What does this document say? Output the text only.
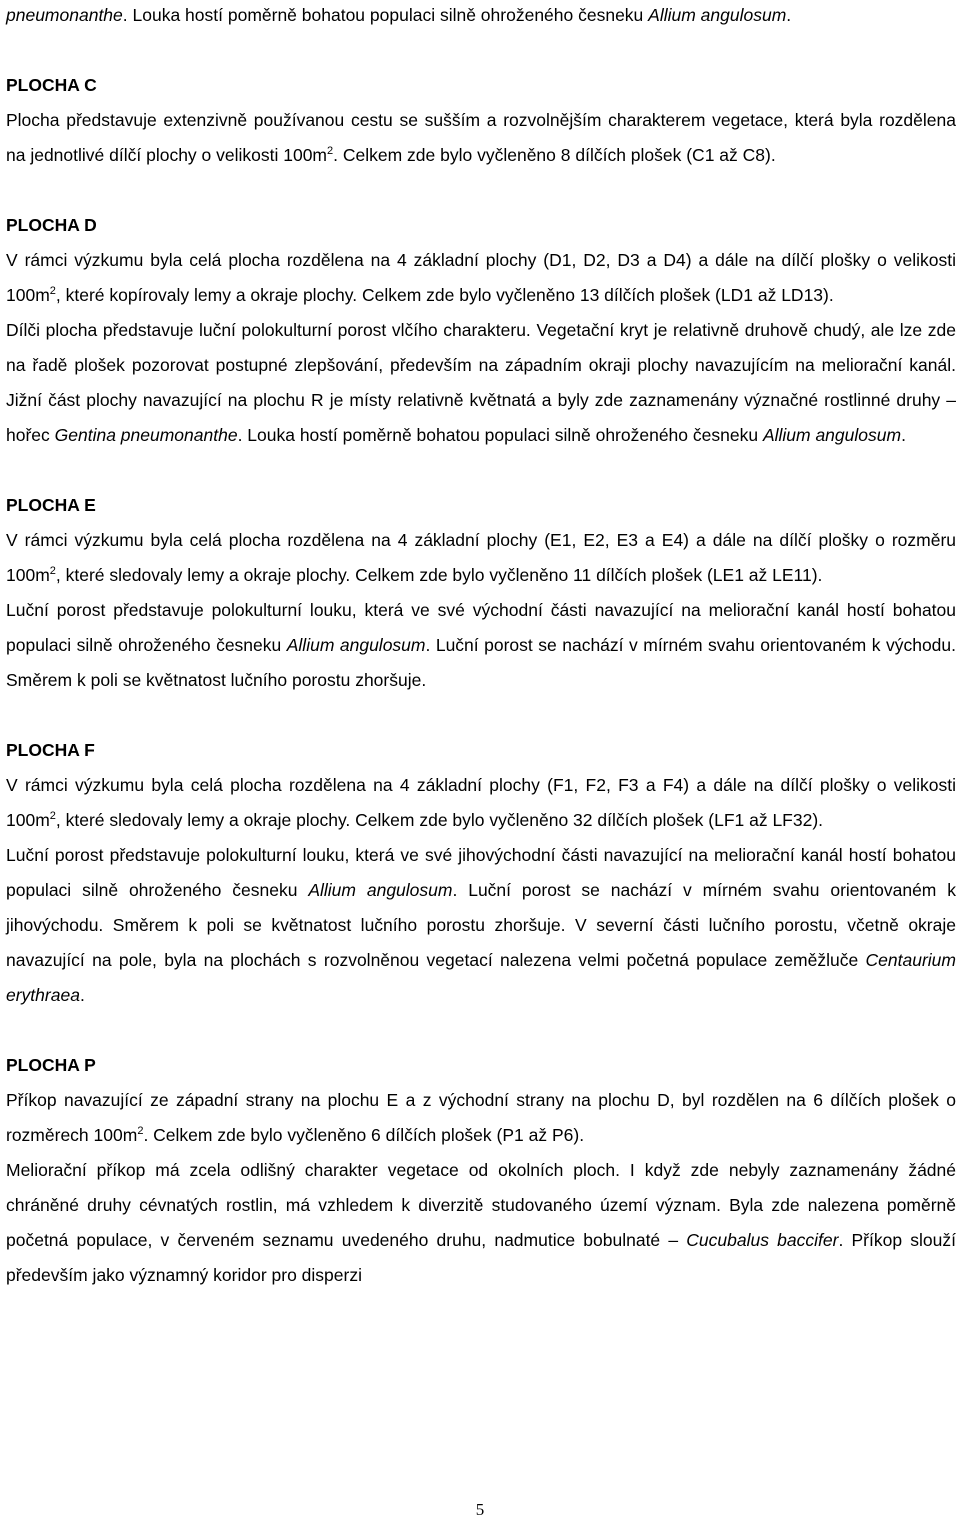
pneumonanthe. Louka hostí poměrně bohatou populaci silně ohroženého česneku Allium angulosum.

PLOCHA C

Plocha představuje extenzivně používanou cestu se sušším a rozvolnějším charakterem vegetace, která byla rozdělena na jednotlivé dílčí plochy o velikosti $100m^2$. Celkem zde bylo vyčleněno 8 dílčích plošek (C1 až C8).

PLOCHA D

V rámci výzkumu byla celá plocha rozdělena na 4 základní plochy (D1, D2, D3 a D4) a dále na dílčí plošky o velikosti $100m^2$, které kopírovaly lemy a okraje plochy. Celkem zde bylo vyčleněno 13 dílčích plošek (LD1 až LD13).

Dílči plocha představuje luční polokulturní porost vlčího charakteru. Vegetační kryt je relativně druhově chudý, ale lze zde na řadě plošek pozorovat postupné zlepšování, především na západním okraji plochy navazujícím na meliorační kanál. Jižní část plochy navazující na plochu R je místy relativně květnatá a byly zde zaznamenány význačné rostlinné druhy – hořec Gentina pneumonanthe. Louka hostí poměrně bohatou populaci silně ohroženého česneku Allium angulosum.

PLOCHA E

V rámci výzkumu byla celá plocha rozdělena na 4 základní plochy (E1, E2, E3 a E4) a dále na dílčí plošky o rozměru $100m^2$, které sledovaly lemy a okraje plochy. Celkem zde bylo vyčleněno 11 dílčích plošek (LE1 až LE11).

Luční porost představuje polokulturní louku, která ve své východní části navazující na meliorační kanál hostí bohatou populaci silně ohroženého česneku Allium angulosum. Luční porost se nachází v mírném svahu orientovaném k východu. Směrem k poli se květnatost lučního porostu zhoršuje.

PLOCHA F

V rámci výzkumu byla celá plocha rozdělena na 4 základní plochy (F1, F2, F3 a F4) a dále na dílčí plošky o velikosti $100m^2$, které sledovaly lemy a okraje plochy. Celkem zde bylo vyčleněno 32 dílčích plošek (LF1 až LF32).

Luční porost představuje polokulturní louku, která ve své jihovýchodní části navazující na meliorační kanál hostí bohatou populaci silně ohroženého česneku Allium angulosum. Luční porost se nachází v mírném svahu orientovaném k jihovýchodu. Směrem k poli se květnatost lučního porostu zhoršuje. V severní části lučního porostu, včetně okraje navazující na pole, byla na plochách s rozvolněnou vegetací nalezena velmi početná populace zeměžluče Centaurium erythraea.

PLOCHA P

Příkop navazující ze západní strany na plochu E a z východní strany na plochu D, byl rozdělen na 6 dílčích plošek o rozměrech $100m^2$. Celkem zde bylo vyčleněno 6 dílčích plošek (P1 až P6).

Meliorační příkop má zcela odlišný charakter vegetace od okolních ploch. I když zde nebyly zaznamenány žádné chráněné druhy cévnatých rostlin, má vzhledem k diverzitě studovaného území význam. Byla zde nalezena poměrně početná populace, v červeném seznamu uvedeného druhu, nadmutice bobulnaté – Cucubalus baccifer. Příkop slouží především jako významný koridor pro disperzi

5
